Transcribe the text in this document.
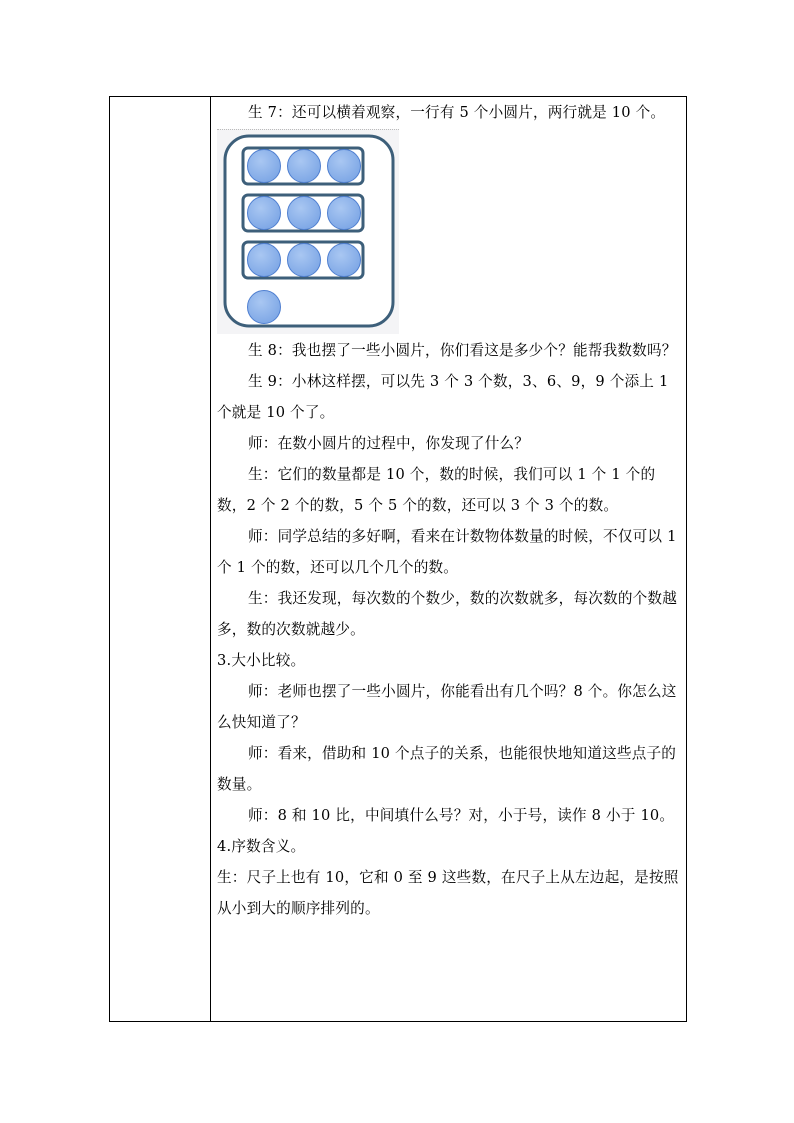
生 7：还可以横着观察，一行有 5 个小圆片，两行就是 10 个。

生 8：我也摆了一些小圆片，你们看这是多少个？能帮我数数吗？

生 9：小林这样摆，可以先 3 个 3 个数，3、6、9，9 个添上 1 个就是 10 个了。

师：在数小圆片的过程中，你发现了什么？

生：它们的数量都是 10 个，数的时候，我们可以 1 个 1 个的数，2 个 2 个的数，5 个 5 个的数，还可以 3 个 3 个的数。

师：同学总结的多好啊，看来在计数物体数量的时候，不仅可以 1 个 1 个的数，还可以几个几个的数。

生：我还发现，每次数的个数少，数的次数就多，每次数的个数越多，数的次数就越少。

3.大小比较。

师：老师也摆了一些小圆片，你能看出有几个吗？8 个。你怎么这么快知道了？

师：看来，借助和 10 个点子的关系，也能很快地知道这些点子的数量。

师：8 和 10 比，中间填什么号？对，小于号，读作 8 小于 10。

4.序数含义。

生：尺子上也有 10，它和 0 至 9 这些数，在尺子上从左边起，是按照从小到大的顺序排列的。
